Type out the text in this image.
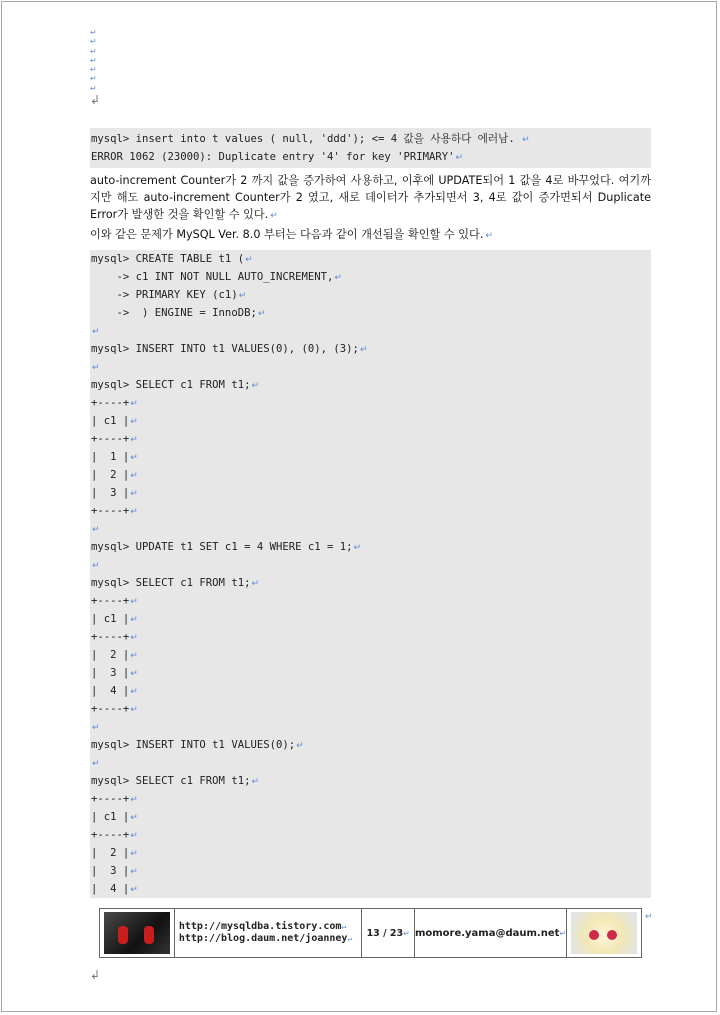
↵
↵
↵
↵
↵
↵
↵
↲
mysql> insert into t values ( null, 'ddd'); <= 4 값을 사용하다 에러남. ↵
ERROR 1062 (23000): Duplicate entry '4' for key 'PRIMARY'↵
auto-increment Counter가 2 까지 값을 증가하여 사용하고, 이후에 UPDATE되어 1 값을 4로 바꾸었다. 여기까지만 해도 auto-increment Counter가 2 였고, 새로 데이터가 추가되면서 3, 4로 값이 증가면되서 Duplicate Error가 발생한 것을 확인할 수 있다. ↵
이와 같은 문제가 MySQL Ver. 8.0 부터는 다음과 같이 개선됨을 확인할 수 있다. ↵
mysql> CREATE TABLE t1 (↵
-> c1 INT NOT NULL AUTO_INCREMENT,↵
-> PRIMARY KEY (c1)↵
->  ) ENGINE = InnoDB;↵
↵
mysql> INSERT INTO t1 VALUES(0), (0), (3);↵
↵
mysql> SELECT c1 FROM t1;↵
+----+↵
| c1 |↵
+----+↵
|  1 |↵
|  2 |↵
|  3 |↵
+----+↵
↵
mysql> UPDATE t1 SET c1 = 4 WHERE c1 = 1;↵
↵
mysql> SELECT c1 FROM t1;↵
+----+↵
| c1 |↵
+----+↵
|  2 |↵
|  3 |↵
|  4 |↵
+----+↵
↵
mysql> INSERT INTO t1 VALUES(0);↵
↵
mysql> SELECT c1 FROM t1;↵
+----+↵
| c1 |↵
+----+↵
|  2 |↵
|  3 |↵
|  4 |↵

http://mysqldba.tistory.com↵
http://blog.daum.net/joanney↵	13 / 23↵	momore.yama@daum.net↵	
↵
↲
